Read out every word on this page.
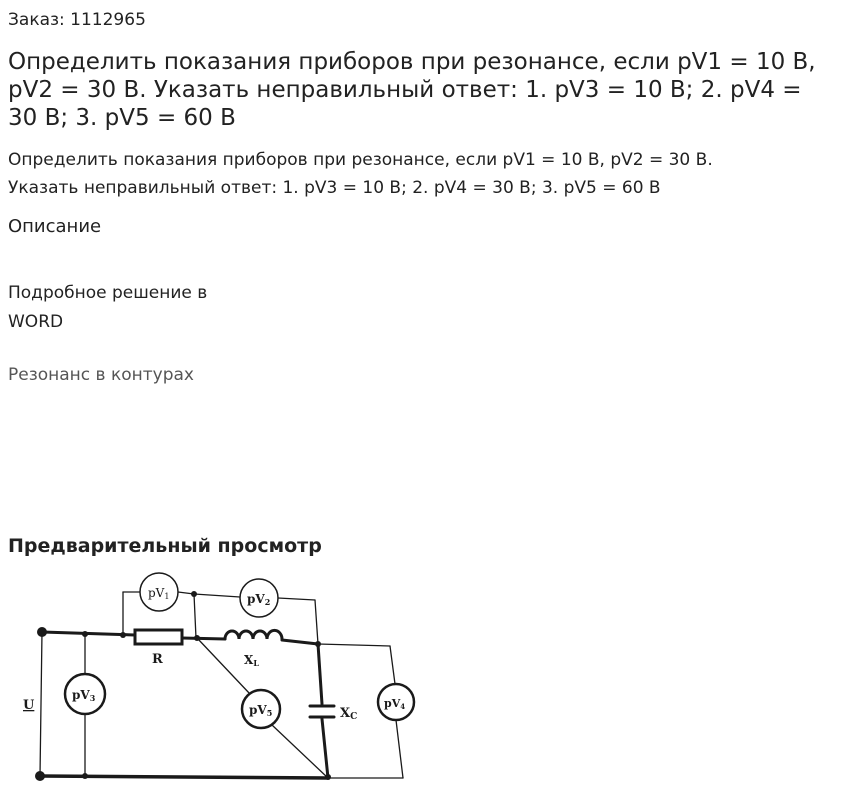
Заказ: 1112965
Определить показания приборов при резонансе, если pV1 = 10 В, pV2 = 30 В. Указать неправильный ответ: 1. pV3 = 10 В; 2. pV4 = 30 В; 3. pV5 = 60 В
Определить показания приборов при резонансе, если pV1 = 10 В, pV2 = 30 В.
Указать неправильный ответ: 1. pV3 = 10 В; 2. pV4 = 30 В; 3. pV5 = 60 В
Описание
Подробное решение в
WORD
Резонанс в контурах
Предварительный просмотр
pV1	pV2
pV3	pV4
pV5
R	XL
XC
U
